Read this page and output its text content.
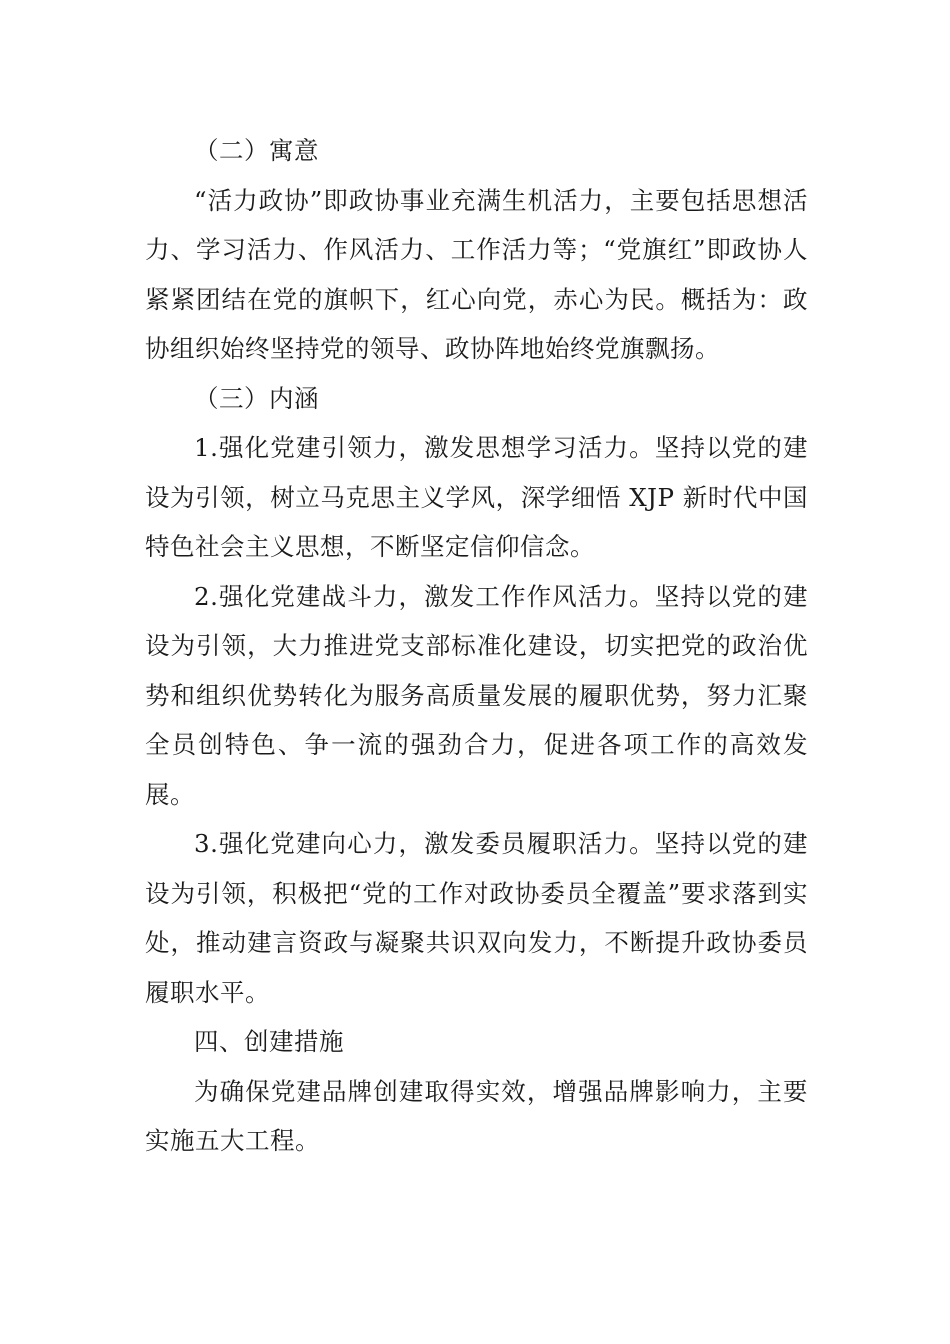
（二）寓意

“活力政协”即政协事业充满生机活力，主要包括思想活力、学习活力、作风活力、工作活力等；“党旗红”即政协人紧紧团结在党的旗帜下，红心向党，赤心为民。概括为：政协组织始终坚持党的领导、政协阵地始终党旗飘扬。

（三）内涵

1.强化党建引领力，激发思想学习活力。坚持以党的建设为引领，树立马克思主义学风，深学细悟 XJP 新时代中国特色社会主义思想，不断坚定信仰信念。

2.强化党建战斗力，激发工作作风活力。坚持以党的建设为引领，大力推进党支部标准化建设，切实把党的政治优势和组织优势转化为服务高质量发展的履职优势，努力汇聚全员创特色、争一流的强劲合力，促进各项工作的高效发展。

3.强化党建向心力，激发委员履职活力。坚持以党的建设为引领，积极把“党的工作对政协委员全覆盖”要求落到实处，推动建言资政与凝聚共识双向发力，不断提升政协委员履职水平。

四、创建措施

为确保党建品牌创建取得实效，增强品牌影响力，主要实施五大工程。
